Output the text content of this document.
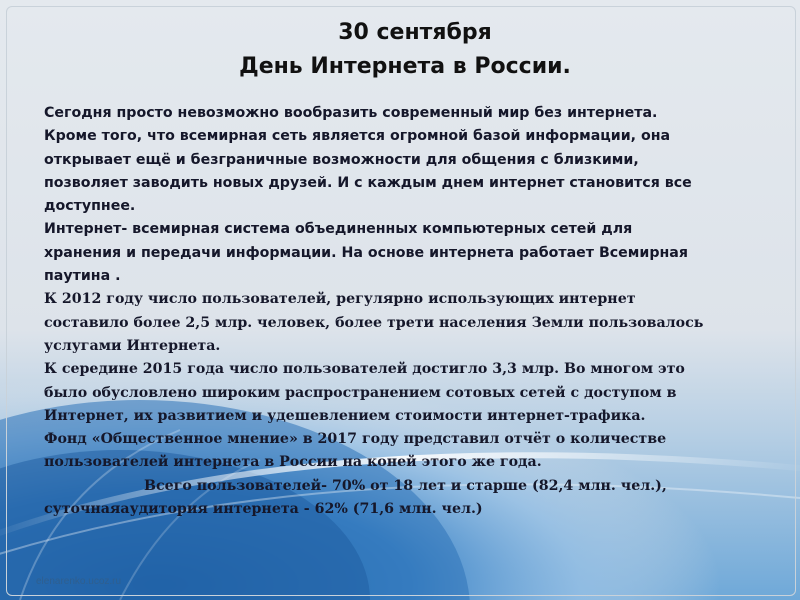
30 сентября
День Интернета в России.
Сегодня просто невозможно вообразить современный мир без интернета.
Кроме того, что всемирная сеть является огромной базой информации, она
открывает ещё и безграничные возможности для общения с близкими,
позволяет заводить новых друзей. И с каждым днем интернет становится все
доступнее.
Интернет- всемирная система объединенных компьютерных сетей для
хранения и передачи информации. На основе интернета работает Всемирная
паутина .
К 2012 году число пользователей, регулярно использующих интернет
составило более 2,5 млр. человек, более трети населения Земли пользовалось
услугами Интернета.
К середине 2015 года число пользователей достигло 3,3 млр. Во многом это
было обусловлено широким распространением сотовых сетей с доступом в
Интернет, их развитием и удешевлением стоимости интернет-трафика.
Фонд «Общественное мнение» в 2017 году представил отчёт о количестве
пользователей интернета в России на коней этого же года.
Всего пользователей- 70% от 18 лет и старше (82,4 млн. чел.),
суточнаяаудитория интернета - 62% (71,6 млн. чел.)
elenarenko.ucoz.ru
